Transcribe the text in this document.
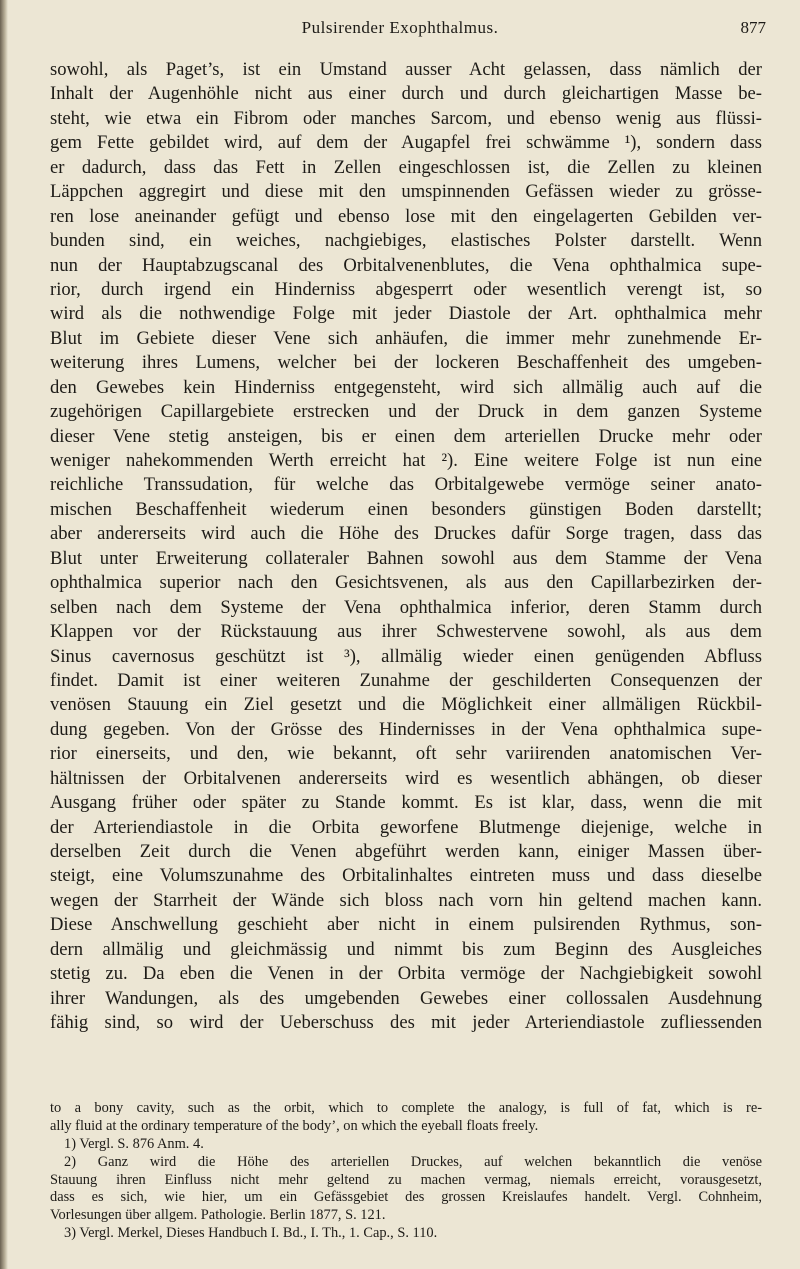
Pulsirender Exophthalmus.	877
sowohl, als Paget’s, ist ein Umstand ausser Acht gelassen, dass nämlich der
Inhalt der Augenhöhle nicht aus einer durch und durch gleichartigen Masse be-
steht, wie etwa ein Fibrom oder manches Sarcom, und ebenso wenig aus flüssi-
gem Fette gebildet wird, auf dem der Augapfel frei schwämme ¹), sondern dass
er dadurch, dass das Fett in Zellen eingeschlossen ist, die Zellen zu kleinen
Läppchen aggregirt und diese mit den umspinnenden Gefässen wieder zu grösse-
ren lose aneinander gefügt und ebenso lose mit den eingelagerten Gebilden ver-
bunden sind, ein weiches, nachgiebiges, elastisches Polster darstellt. Wenn
nun der Hauptabzugscanal des Orbitalvenenblutes, die Vena ophthalmica supe-
rior, durch irgend ein Hinderniss abgesperrt oder wesentlich verengt ist, so
wird als die nothwendige Folge mit jeder Diastole der Art. ophthalmica mehr
Blut im Gebiete dieser Vene sich anhäufen, die immer mehr zunehmende Er-
weiterung ihres Lumens, welcher bei der lockeren Beschaffenheit des umgeben-
den Gewebes kein Hinderniss entgegensteht, wird sich allmälig auch auf die
zugehörigen Capillargebiete erstrecken und der Druck in dem ganzen Systeme
dieser Vene stetig ansteigen, bis er einen dem arteriellen Drucke mehr oder
weniger nahekommenden Werth erreicht hat ²). Eine weitere Folge ist nun eine
reichliche Transsudation, für welche das Orbitalgewebe vermöge seiner anato-
mischen Beschaffenheit wiederum einen besonders günstigen Boden darstellt;
aber andererseits wird auch die Höhe des Druckes dafür Sorge tragen, dass das
Blut unter Erweiterung collateraler Bahnen sowohl aus dem Stamme der Vena
ophthalmica superior nach den Gesichtsvenen, als aus den Capillarbezirken der-
selben nach dem Systeme der Vena ophthalmica inferior, deren Stamm durch
Klappen vor der Rückstauung aus ihrer Schwestervene sowohl, als aus dem
Sinus cavernosus geschützt ist ³), allmälig wieder einen genügenden Abfluss
findet. Damit ist einer weiteren Zunahme der geschilderten Consequenzen der
venösen Stauung ein Ziel gesetzt und die Möglichkeit einer allmäligen Rückbil-
dung gegeben. Von der Grösse des Hindernisses in der Vena ophthalmica supe-
rior einerseits, und den, wie bekannt, oft sehr variirenden anatomischen Ver-
hältnissen der Orbitalvenen andererseits wird es wesentlich abhängen, ob dieser
Ausgang früher oder später zu Stande kommt. Es ist klar, dass, wenn die mit
der Arteriendiastole in die Orbita geworfene Blutmenge diejenige, welche in
derselben Zeit durch die Venen abgeführt werden kann, einiger Massen über-
steigt, eine Volumszunahme des Orbitalinhaltes eintreten muss und dass dieselbe
wegen der Starrheit der Wände sich bloss nach vorn hin geltend machen kann.
Diese Anschwellung geschieht aber nicht in einem pulsirenden Rythmus, son-
dern allmälig und gleichmässig und nimmt bis zum Beginn des Ausgleiches
stetig zu. Da eben die Venen in der Orbita vermöge der Nachgiebigkeit sowohl
ihrer Wandungen, als des umgebenden Gewebes einer collossalen Ausdehnung
fähig sind, so wird der Ueberschuss des mit jeder Arteriendiastole zufliessenden
to a bony cavity, such as the orbit, which to complete the analogy, is full of fat, which is re-
ally fluid at the ordinary temperature of the body’, on which the eyeball floats freely.
1) Vergl. S. 876 Anm. 4.
2) Ganz wird die Höhe des arteriellen Druckes, auf welchen bekanntlich die venöse
Stauung ihren Einfluss nicht mehr geltend zu machen vermag, niemals erreicht, vorausgesetzt,
dass es sich, wie hier, um ein Gefässgebiet des grossen Kreislaufes handelt. Vergl. Cohnheim,
Vorlesungen über allgem. Pathologie. Berlin 1877, S. 121.
3) Vergl. Merkel, Dieses Handbuch I. Bd., I. Th., 1. Cap., S. 110.
